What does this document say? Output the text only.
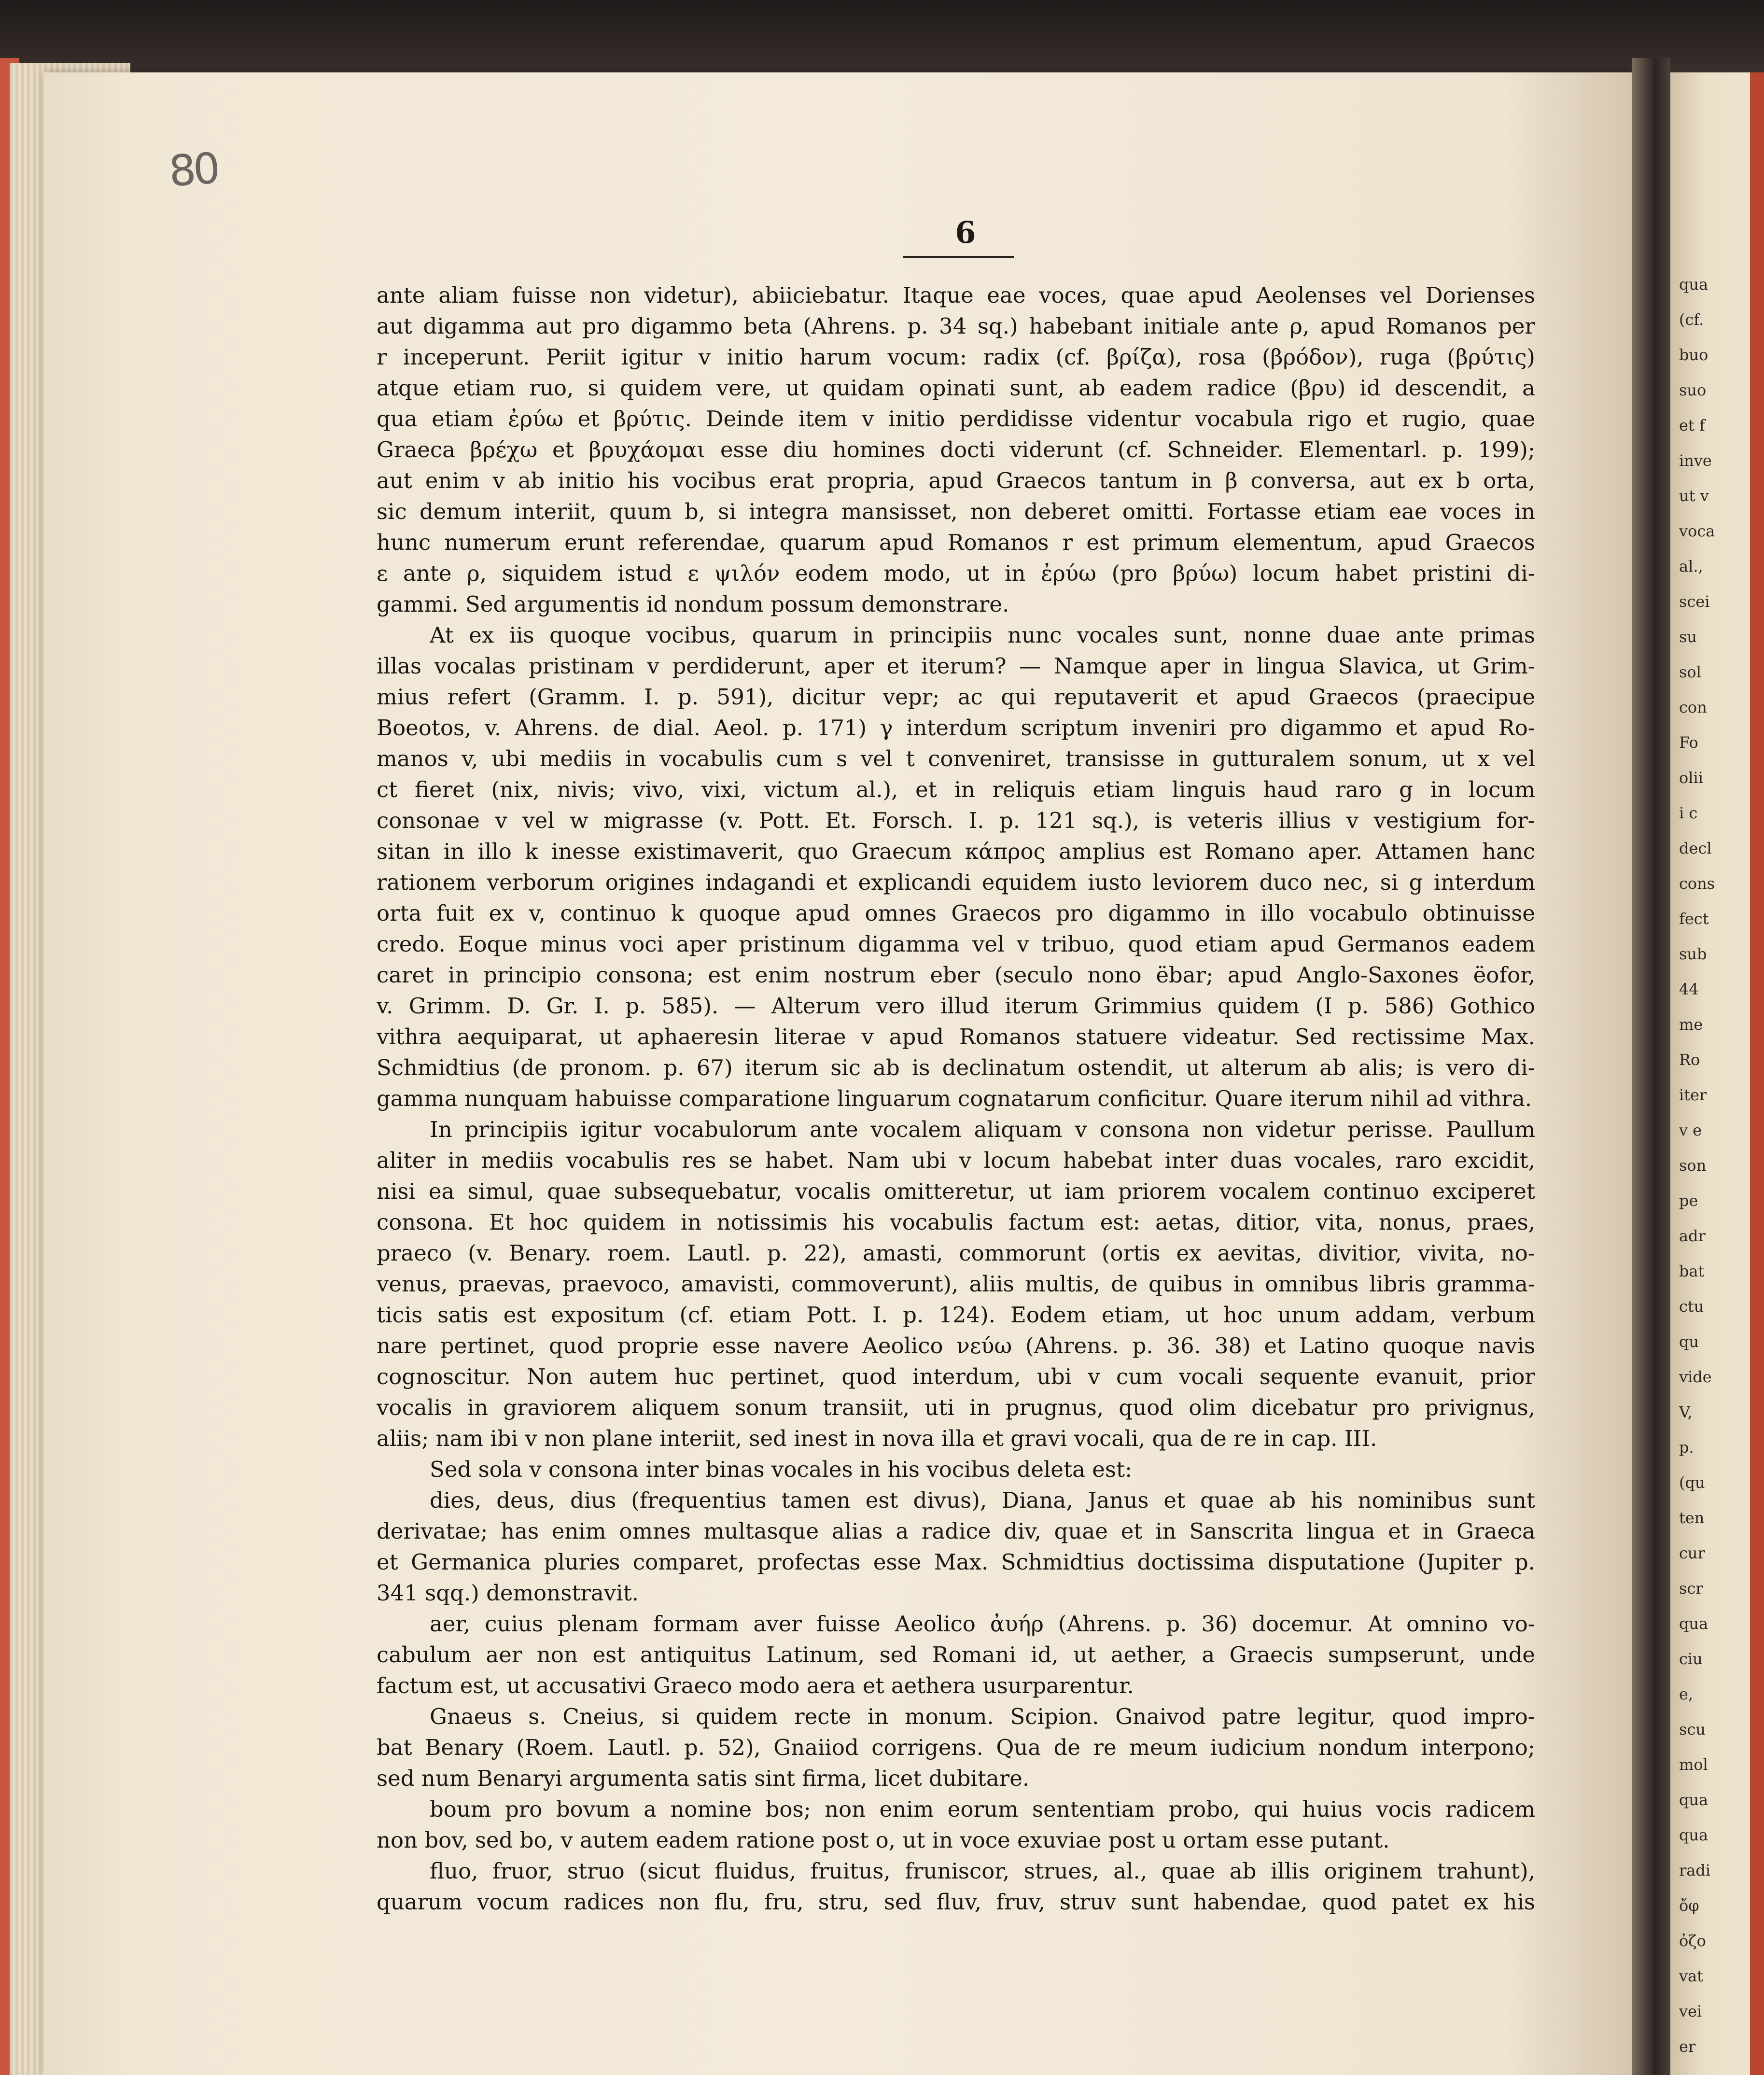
80
6
ante aliam fuisse non videtur), abiiciebatur. Itaque eae voces, quae apud Aeolenses vel Dorienses
aut digamma aut pro digammo beta (Ahrens. p. 34 sq.) habebant initiale ante ρ, apud Romanos per
r inceperunt. Periit igitur v initio harum vocum: radix (cf. βρίζα), rosa (βρόδον), ruga (βρύτις)
atque etiam ruo, si quidem vere, ut quidam opinati sunt, ab eadem radice (βρυ) id descendit, a
qua etiam ἐρύω et βρύτις. Deinde item v initio perdidisse videntur vocabula rigo et rugio, quae
Graeca βρέχω et βρυχάομαι esse diu homines docti viderunt (cf. Schneider. Elementarl. p. 199);
aut enim v ab initio his vocibus erat propria, apud Graecos tantum in β conversa, aut ex b orta,
sic demum interiit, quum b, si integra mansisset, non deberet omitti. Fortasse etiam eae voces in
hunc numerum erunt referendae, quarum apud Romanos r est primum elementum, apud Graecos
ε ante ρ, siquidem istud ε ψιλόν eodem modo, ut in ἐρύω (pro βρύω) locum habet pristini di-
gammi. Sed argumentis id nondum possum demonstrare.
At ex iis quoque vocibus, quarum in principiis nunc vocales sunt, nonne duae ante primas
illas vocalas pristinam v perdiderunt, aper et iterum? — Namque aper in lingua Slavica, ut Grim-
mius refert (Gramm. I. p. 591), dicitur vepr; ac qui reputaverit et apud Graecos (praecipue
Boeotos, v. Ahrens. de dial. Aeol. p. 171) γ interdum scriptum inveniri pro digammo et apud Ro-
manos v, ubi mediis in vocabulis cum s vel t conveniret, transisse in gutturalem sonum, ut x vel
ct fieret (nix, nivis; vivo, vixi, victum al.), et in reliquis etiam linguis haud raro g in locum
consonae v vel w migrasse (v. Pott. Et. Forsch. I. p. 121 sq.), is veteris illius v vestigium for-
sitan in illo k inesse existimaverit, quo Graecum κάπρος amplius est Romano aper. Attamen hanc
rationem verborum origines indagandi et explicandi equidem iusto leviorem duco nec, si g interdum
orta fuit ex v, continuo k quoque apud omnes Graecos pro digammo in illo vocabulo obtinuisse
credo. Eoque minus voci aper pristinum digamma vel v tribuo, quod etiam apud Germanos eadem
caret in principio consona; est enim nostrum eber (seculo nono ëbar; apud Anglo-Saxones ëofor,
v. Grimm. D. Gr. I. p. 585). — Alterum vero illud iterum Grimmius quidem (I p. 586) Gothico
vithra aequiparat, ut aphaeresin literae v apud Romanos statuere videatur. Sed rectissime Max.
Schmidtius (de pronom. p. 67) iterum sic ab is declinatum ostendit, ut alterum ab alis; is vero di-
gamma nunquam habuisse comparatione linguarum cognatarum conficitur. Quare iterum nihil ad vithra.
In principiis igitur vocabulorum ante vocalem aliquam v consona non videtur perisse. Paullum
aliter in mediis vocabulis res se habet. Nam ubi v locum habebat inter duas vocales, raro excidit,
nisi ea simul, quae subsequebatur, vocalis omitteretur, ut iam priorem vocalem continuo exciperet
consona. Et hoc quidem in notissimis his vocabulis factum est: aetas, ditior, vita, nonus, praes,
praeco (v. Benary. roem. Lautl. p. 22), amasti, commorunt (ortis ex aevitas, divitior, vivita, no-
venus, praevas, praevoco, amavisti, commoverunt), aliis multis, de quibus in omnibus libris gramma-
ticis satis est expositum (cf. etiam Pott. I. p. 124). Eodem etiam, ut hoc unum addam, verbum
nare pertinet, quod proprie esse navere Aeolico νεύω (Ahrens. p. 36. 38) et Latino quoque navis
cognoscitur. Non autem huc pertinet, quod interdum, ubi v cum vocali sequente evanuit, prior
vocalis in graviorem aliquem sonum transiit, uti in prugnus, quod olim dicebatur pro privignus,
aliis; nam ibi v non plane interiit, sed inest in nova illa et gravi vocali, qua de re in cap. III.
Sed sola v consona inter binas vocales in his vocibus deleta est:
dies, deus, dius (frequentius tamen est divus), Diana, Janus et quae ab his nominibus sunt
derivatae; has enim omnes multasque alias a radice div, quae et in Sanscrita lingua et in Graeca
et Germanica pluries comparet, profectas esse Max. Schmidtius doctissima disputatione (Jupiter p.
341 sqq.) demonstravit.
aer, cuius plenam formam aver fuisse Aeolico ἀυήρ (Ahrens. p. 36) docemur. At omnino vo-
cabulum aer non est antiquitus Latinum, sed Romani id, ut aether, a Graecis sumpserunt, unde
factum est, ut accusativi Graeco modo aera et aethera usurparentur.
Gnaeus s. Cneius, si quidem recte in monum. Scipion. Gnaivod patre legitur, quod impro-
bat Benary (Roem. Lautl. p. 52), Gnaiiod corrigens. Qua de re meum iudicium nondum interpono;
sed num Benaryi argumenta satis sint firma, licet dubitare.
boum pro bovum a nomine bos; non enim eorum sententiam probo, qui huius vocis radicem
non bov, sed bo, v autem eadem ratione post o, ut in voce exuviae post u ortam esse putant.
fluo, fruor, struo (sicut fluidus, fruitus, fruniscor, strues, al., quae ab illis originem trahunt),
quarum vocum radices non flu, fru, stru, sed fluv, fruv, struv sunt habendae, quod patet ex his
qua
(cf.
buo
suo
et f
inve
ut v
voca
al.,
scei
su
sol
con
Fo
olii
i c
decl
cons
fect
sub
44
me
Ro
iter
v e
son
pe
adr
bat
ctu
qu
vide
V,
p.
(qu
ten
cur
scr
qua
ciu
e,
scu
mol
qua
qua
radi
ὄφ
ὀζο
vat
vei
er
